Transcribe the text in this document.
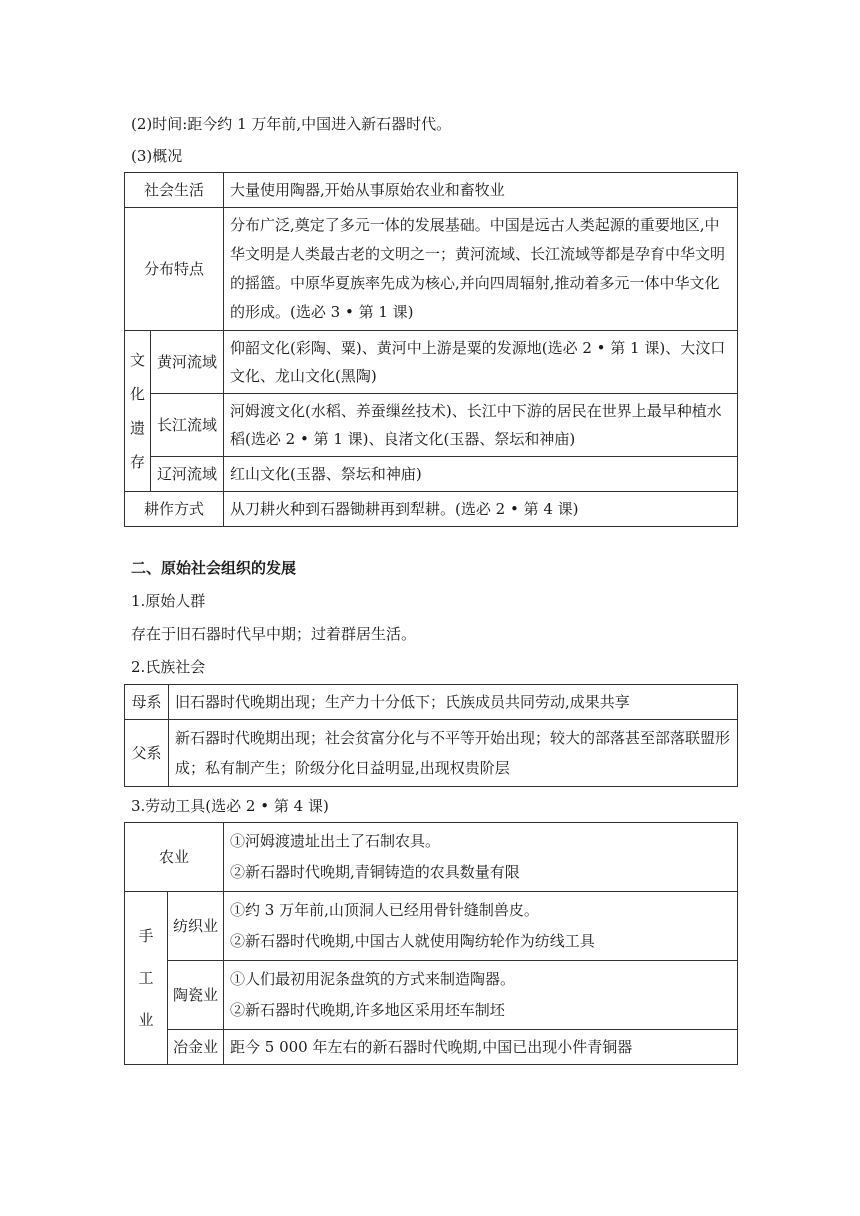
(2)时间:距今约 1 万年前,中国进入新石器时代。
(3)概况
社会生活		大量使用陶器,开始从事原始农业和畜牧业
分布特点		分布广泛,奠定了多元一体的发展基础。中国是远古人类起源的重要地区,中华文明是人类最古老的文明之一；黄河流域、长江流域等都是孕育中华文明的摇篮。中原华夏族率先成为核心,并向四周辐射,推动着多元一体中华文化的形成。(选必 3 • 第 1 课)

文
化
遗
存	黄河流域	仰韶文化(彩陶、粟)、黄河中上游是粟的发源地(选必 2 • 第 1 课)、大汶口文化、龙山文化(黑陶)
	长江流域	河姆渡文化(水稻、养蚕缫丝技术)、长江中下游的居民在世界上最早种植水稻(选必 2 • 第 1 课)、良渚文化(玉器、祭坛和神庙)
	辽河流域	红山文化(玉器、祭坛和神庙)
耕作方式		从刀耕火种到石器锄耕再到犁耕。(选必 2 • 第 4 课)
二、原始社会组织的发展
1.原始人群
存在于旧石器时代早中期；过着群居生活。
2.氏族社会
母系	旧石器时代晚期出现；生产力十分低下；氏族成员共同劳动,成果共享
父系	新石器时代晚期出现；社会贫富分化与不平等开始出现；较大的部落甚至部落联盟形成；私有制产生；阶级分化日益明显,出现权贵阶层
3.劳动工具(选必 2 • 第 4 课)
农业		①河姆渡遗址出土了石制农具。
②新石器时代晚期,青铜铸造的农具数量有限

手
工
业	纺织业	①约 3 万年前,山顶洞人已经用骨针缝制兽皮。
②新石器时代晚期,中国古人就使用陶纺轮作为纺线工具

	陶瓷业	①人们最初用泥条盘筑的方式来制造陶器。
②新石器时代晚期,许多地区采用坯车制坯

	冶金业	距今 5 000 年左右的新石器时代晚期,中国已出现小件青铜器
